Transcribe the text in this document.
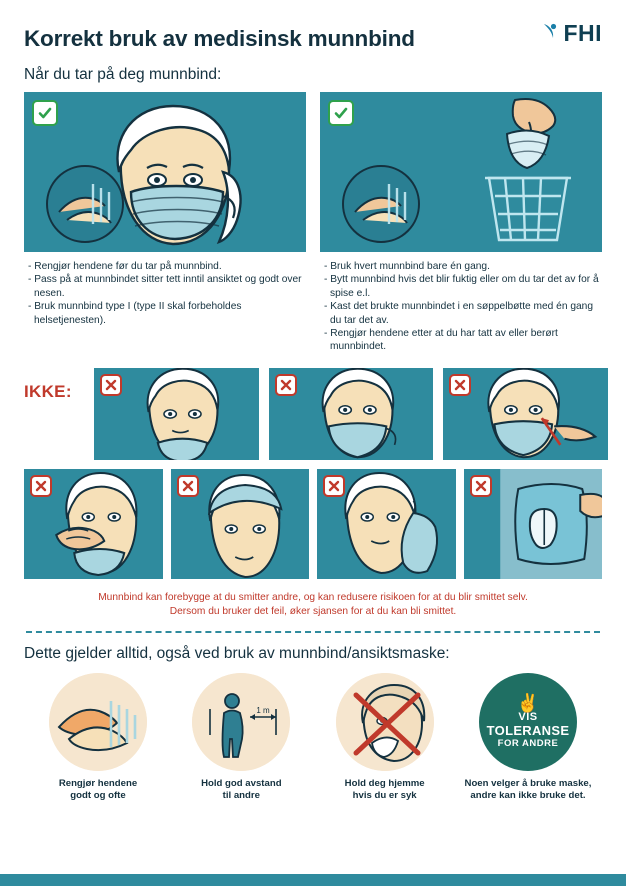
Korrekt bruk av medisinsk munnbind	FHI
Når du tar på deg munnbind:
- Rengjør hendene før du tar på munnbind.
- Pass på at munnbindet sitter tett inntil ansiktet og godt over nesen.
- Bruk munnbind type I (type II skal forbeholdes helsetjenesten).
- Bruk hvert munnbind bare én gang.
- Bytt munnbind hvis det blir fuktig eller om du tar det av for å spise e.l.
- Kast det brukte munnbindet i en søppelbøtte med én gang du tar det av.
- Rengjør hendene etter at du har tatt av eller berørt munnbindet.
IKKE:
Munnbind kan forebygge at du smitter andre, og kan redusere risikoen for at du blir smittet selv.
Dersom du bruker det feil, øker sjansen for at du kan bli smittet.
Dette gjelder alltid, også ved bruk av munnbind/ansiktsmaske:
Rengjør hendene
godt og ofte
1 m
Hold god avstand
til andre
Hold deg hjemme
hvis du er syk
✌
VIS
TOLERANSE
FOR ANDRE
Noen velger å bruke maske,
andre kan ikke bruke det.
